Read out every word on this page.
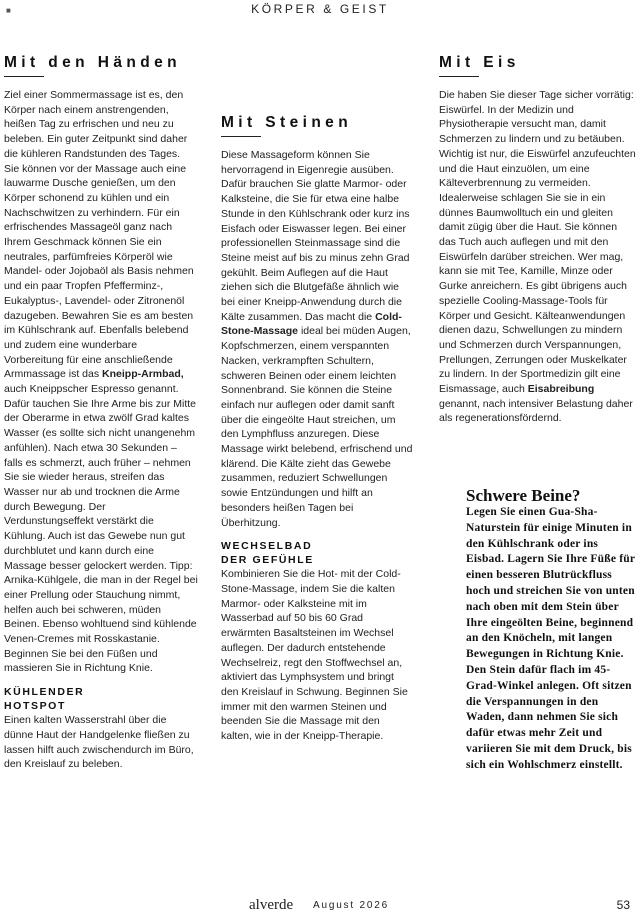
■	KÖRPER & GEIST
Mit den Händen

Ziel einer Sommermassage ist es, den Körper nach einem anstrengenden, heißen Tag zu erfrischen und neu zu beleben. Ein guter Zeitpunkt sind daher die kühleren Randstunden des Tages. Sie können vor der Massage auch eine lauwarme Dusche genießen, um den Körper schonend zu kühlen und ein Nachschwitzen zu verhindern. Für ein erfrischendes Massageöl ganz nach Ihrem Geschmack können Sie ein neutrales, parfümfreies Körperöl wie Mandel- oder Jojobaöl als Basis nehmen und ein paar Tropfen Pfefferminz-, Eukalyptus-, Lavendel- oder Zitronenöl dazugeben. Bewahren Sie es am besten im Kühlschrank auf. Ebenfalls belebend und zudem eine wunderbare Vorbereitung für eine anschließende Armmassage ist das Kneipp-Armbad, auch Kneippscher Espresso genannt. Dafür tauchen Sie Ihre Arme bis zur Mitte der Oberarme in etwa zwölf Grad kaltes Wasser (es sollte sich nicht unangenehm anfühlen). Nach etwa 30 Sekunden – falls es schmerzt, auch früher – nehmen Sie sie wieder heraus, streifen das Wasser nur ab und trocknen die Arme durch Bewegung. Der Verdunstungseffekt verstärkt die Kühlung. Auch ist das Gewebe nun gut durchblutet und kann durch eine Massage besser gelockert werden. Tipp: Arnika-Kühlgele, die man in der Regel bei einer Prellung oder Stauchung nimmt, helfen auch bei schweren, müden Beinen. Ebenso wohltuend sind kühlende Venen-Cremes mit Rosskastanie. Beginnen Sie bei den Füßen und massieren Sie in Richtung Knie.

KÜHLENDER
HOTSPOT

Einen kalten Wasserstrahl über die dünne Haut der Handgelenke fließen zu lassen hilft auch zwischendurch im Büro, den Kreislauf zu beleben.

Mit Steinen

Diese Massageform können Sie hervorragend in Eigenregie ausüben. Dafür brauchen Sie glatte Marmor- oder Kalksteine, die Sie für etwa eine halbe Stunde in den Kühlschrank oder kurz ins Eisfach oder Eiswasser legen. Bei einer professionellen Steinmassage sind die Steine meist auf bis zu minus zehn Grad gekühlt. Beim Auflegen auf die Haut ziehen sich die Blutgefäße ähnlich wie bei einer Kneipp-Anwendung durch die Kälte zusammen. Das macht die Cold-Stone-Massage ideal bei müden Augen, Kopfschmerzen, einem verspannten Nacken, verkrampften Schultern, schweren Beinen oder einem leichten Sonnenbrand. Sie können die Steine einfach nur auflegen oder damit sanft über die eingeölte Haut streichen, um den Lymphfluss anzuregen. Diese Massage wirkt belebend, erfrischend und klärend. Die Kälte zieht das Gewebe zusammen, reduziert Schwellungen sowie Entzündungen und hilft an besonders heißen Tagen bei Überhitzung.

WECHSELBAD
DER GEFÜHLE

Kombinieren Sie die Hot- mit der Cold-Stone-Massage, indem Sie die kalten Marmor- oder Kalksteine mit im Wasserbad auf 50 bis 60 Grad erwärmten Basaltsteinen im Wechsel auflegen. Der dadurch entstehende Wechselreiz, regt den Stoffwechsel an, aktiviert das Lymphsystem und bringt den Kreislauf in Schwung. Beginnen Sie immer mit den warmen Steinen und beenden Sie die Massage mit den kalten, wie in der Kneipp-Therapie.

Mit Eis

Die haben Sie dieser Tage sicher vorrätig: Eiswürfel. In der Medizin und Physiotherapie versucht man, damit Schmerzen zu lindern und zu betäuben. Wichtig ist nur, die Eiswürfel anzufeuchten und die Haut einzuölen, um eine Kälteverbrennung zu vermeiden. Idealerweise schlagen Sie sie in ein dünnes Baumwolltuch ein und gleiten damit zügig über die Haut. Sie können das Tuch auch auflegen und mit den Eiswürfeln darüber streichen. Wer mag, kann sie mit Tee, Kamille, Minze oder Gurke anreichern. Es gibt übrigens auch spezielle Cooling-Massage-Tools für Körper und Gesicht. Kälteanwendungen dienen dazu, Schwellungen zu mindern und Schmerzen durch Verspannungen, Prellungen, Zerrungen oder Muskelkater zu lindern. In der Sportmedizin gilt eine Eismassage, auch Eisabreibung genannt, nach intensiver Belastung daher als regenerationsfördernd.

Schwere Beine?

Legen Sie einen Gua-Sha-Naturstein für einige Minuten in den Kühlschrank oder ins Eisbad. Lagern Sie Ihre Füße für einen besseren Blutrückfluss hoch und streichen Sie von unten nach oben mit dem Stein über Ihre eingeölten Beine, beginnend an den Knöcheln, mit langen Bewegungen in Richtung Knie. Den Stein dafür flach im 45-Grad-Winkel anlegen. Oft sitzen die Verspannungen in den Waden, dann nehmen Sie sich dafür etwas mehr Zeit und variieren Sie mit dem Druck, bis sich ein Wohlschmerz einstellt.

alverde August 2026	53
